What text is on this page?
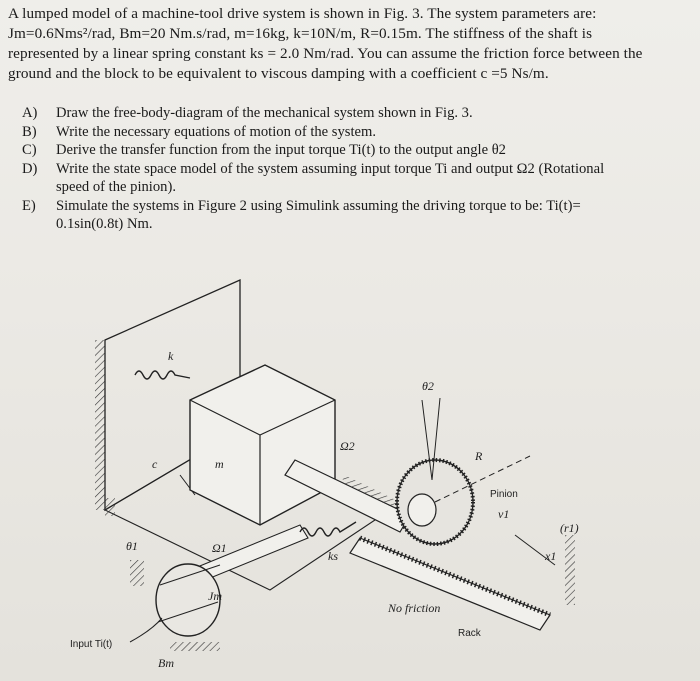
A lumped model of a machine-tool drive system is shown in Fig. 3. The system parameters are:

Jm=0.6Nms²/rad, Bm=20 Nm.s/rad, m=16kg, k=10N/m, R=0.15m. The stiffness of the shaft is

represented by a linear spring constant ks = 2.0 Nm/rad. You can assume the friction force between the

ground and the block to be equivalent to viscous damping with a coefficient c =5 Ns/m.

A)	Draw the free-body-diagram of the mechanical system shown in Fig. 3.
B)	Write the necessary equations of motion of the system.
C)	Derive the transfer function from the input torque Ti(t) to the output angle θ2
D)	Write the state space model of the system assuming input torque Ti and output Ω2 (Rotational
speed of the pinion).
E)	Simulate the systems in Figure 2 using Simulink assuming the driving torque to be: Ti(t)=
0.1sin(0.8t) Nm.
k
c	m
Ω2
θ2
R
Pinion
v1
(r1)
x1
No friction
Rack
ks
Ω1
θ1
Jm
Input Ti(t)
Bm
